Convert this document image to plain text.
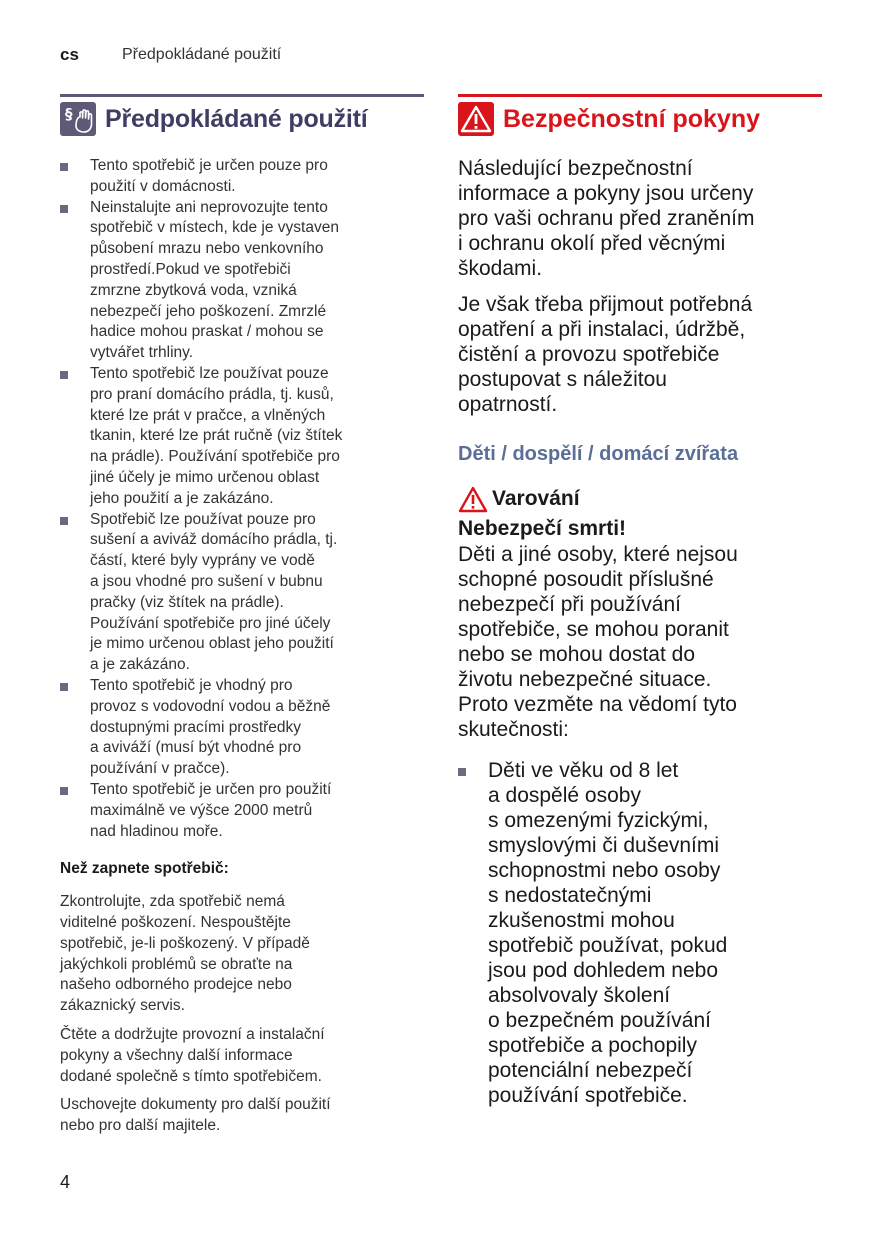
cs	Předpokládané použití
§ Předpokládané použití
Tento spotřebič je určen pouze pro
použití v domácnosti.
Neinstalujte ani neprovozujte tento
spotřebič v místech, kde je vystaven
působení mrazu nebo venkovního
prostředí.Pokud ve spotřebiči
zmrzne zbytková voda, vzniká
nebezpečí jeho poškození. Zmrzlé
hadice mohou praskat / mohou se
vytvářet trhliny.
Tento spotřebič lze používat pouze
pro praní domácího prádla, tj. kusů,
které lze prát v pračce, a vlněných
tkanin, které lze prát ručně (viz štítek
na prádle). Používání spotřebiče pro
jiné účely je mimo určenou oblast
jeho použití a je zakázáno.
Spotřebič lze používat pouze pro
sušení a aviváž domácího prádla, tj.
částí, které byly vyprány ve vodě
a jsou vhodné pro sušení v bubnu
pračky (viz štítek na prádle).
Používání spotřebiče pro jiné účely
je mimo určenou oblast jeho použití
a je zakázáno.
Tento spotřebič je vhodný pro
provoz s vodovodní vodou a běžně
dostupnými pracími prostředky
a aviváží (musí být vhodné pro
používání v pračce).
Tento spotřebič je určen pro použití
maximálně ve výšce 2000 metrů
nad hladinou moře.
Než zapnete spotřebič:

Zkontrolujte, zda spotřebič nemá
viditelné poškození. Nespouštějte
spotřebič, je-li poškozený. V případě
jakýchkoli problémů se obraťte na
našeho odborného prodejce nebo
zákaznický servis.

Čtěte a dodržujte provozní a instalační
pokyny a všechny další informace
dodané společně s tímto spotřebičem.

Uschovejte dokumenty pro další použití
nebo pro další majitele.

Bezpečnostní pokyny

Následující bezpečnostní
informace a pokyny jsou určeny
pro vaši ochranu před zraněním
i ochranu okolí před věcnými
škodami.

Je však třeba přijmout potřebná
opatření a při instalaci, údržbě,
čistění a provozu spotřebiče
postupovat s náležitou
opatrností.

Děti / dospělí / domácí zvířata
Varování
Nebezpečí smrti!
Děti a jiné osoby, které nejsou
schopné posoudit příslušné
nebezpečí při používání
spotřebiče, se mohou poranit
nebo se mohou dostat do
životu nebezpečné situace.
Proto vezměte na vědomí tyto
skutečnosti:
Děti ve věku od 8 let
a dospělé osoby
s omezenými fyzickými,
smyslovými či duševními
schopnostmi nebo osoby
s nedostatečnými
zkušenostmi mohou
spotřebič používat, pokud
jsou pod dohledem nebo
absolvovaly školení
o bezpečném používání
spotřebiče a pochopily
potenciální nebezpečí
používání spotřebiče.
4
